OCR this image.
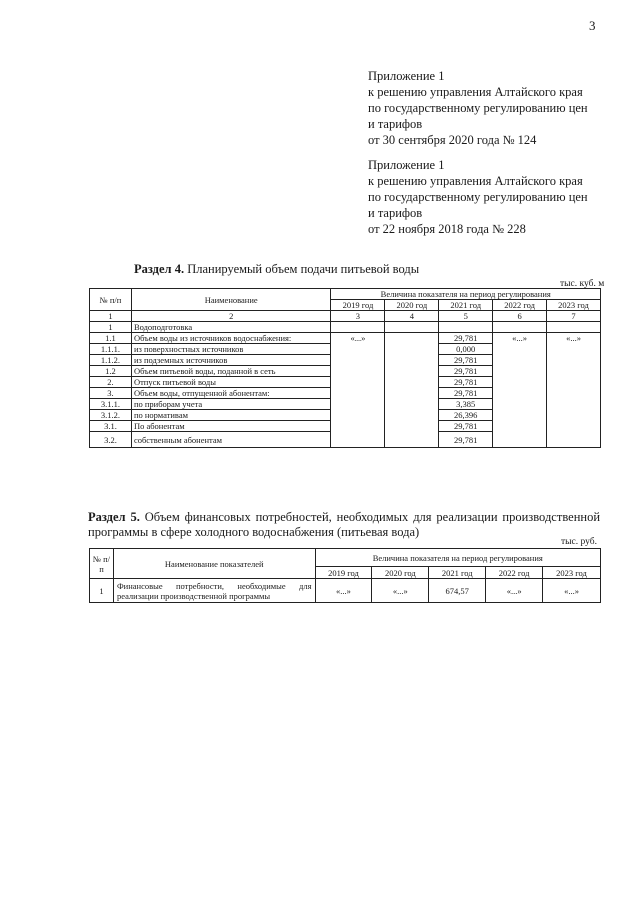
3
Приложение 1
к решению управления Алтайского края
по государственному регулированию цен
и тарифов
от 30 сентября 2020 года № 124
Приложение 1
к решению управления Алтайского края
по государственному регулированию цен
и тарифов
от 22 ноября 2018 года № 228
Раздел 4. Планируемый объем подачи питьевой воды
тыс. куб. м
№ п/п	Наименование	Величина показателя на период регулирования				
		2019 год	2020 год	2021 год	2022 год	2023 год
1	2	3	4	5	6	7
1	Водоподготовка					
1.1	Объем воды из источников водоснабжения:	«...»		29,781	«...»	«...»
1.1.1.	из поверхностных источников			0,000		
1.1.2.	из подземных источников			29,781		
1.2	Объем питьевой воды, поданной в сеть			29,781		
2.	Отпуск питьевой воды			29,781		
3.	Объем воды, отпущенной абонентам:			29,781		
3.1.1.	по приборам учета			3,385		
3.1.2.	по нормативам			26,396		
3.1.	По абонентам			29,781		
3.2.	собственным абонентам			29,781		
Раздел 5. Объем финансовых потребностей, необходимых для реализации производственной программы в сфере холодного водоснабжения (питьевая вода)
тыс. руб.
№ п/п	Наименование показателей	Величина показателя на период регулирования				
		2019 год	2020 год	2021 год	2022 год	2023 год
1	Финансовые потребности, необходимые для реализации производственной программы	«...»	«...»	674,57	«...»	«...»
